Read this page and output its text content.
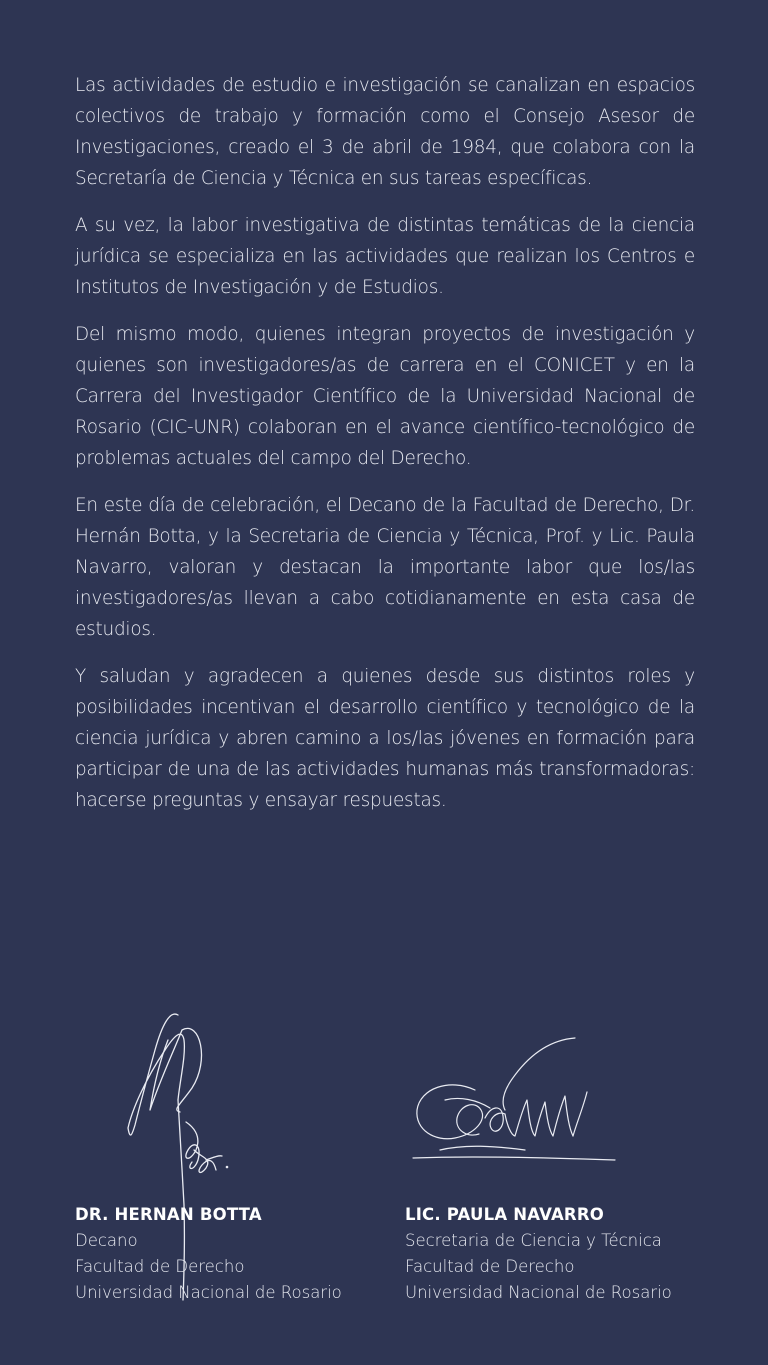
Las actividades de estudio e investigación se canalizan en espacios colectivos de trabajo y formación como el Consejo Asesor de Investigaciones, creado el 3 de abril de 1984, que colabora con la Secretaría de Ciencia y Técnica en sus tareas específicas.

A su vez, la labor investigativa de distintas temáticas de la ciencia jurídica se especializa en las actividades que realizan los Centros e Institutos de Investigación y de Estudios.

Del mismo modo, quienes integran proyectos de investigación y quienes son investigadores/as de carrera en el CONICET y en la Carrera del Investigador Científico de la Universidad Nacional de Rosario (CIC-UNR) colaboran en el avance científico-tecnológico de problemas actuales del campo del Derecho.

En este día de celebración, el Decano de la Facultad de Derecho, Dr. Hernán Botta, y la Secretaria de Ciencia y Técnica, Prof. y Lic. Paula Navarro, valoran y destacan la importante labor que los/las investigadores/as llevan a cabo cotidianamente en esta casa de estudios.

Y saludan y agradecen a quienes desde sus distintos roles y posibilidades incentivan el desarrollo científico y tecnológico de la ciencia jurídica y abren camino a los/las jóvenes en formación para participar de una de las actividades humanas más transformadoras: hacerse preguntas y ensayar respuestas.

DR. HERNAN BOTTA
Decano
Facultad de Derecho
Universidad Nacional de Rosario
LIC. PAULA NAVARRO
Secretaria de Ciencia y Técnica
Facultad de Derecho
Universidad Nacional de Rosario
